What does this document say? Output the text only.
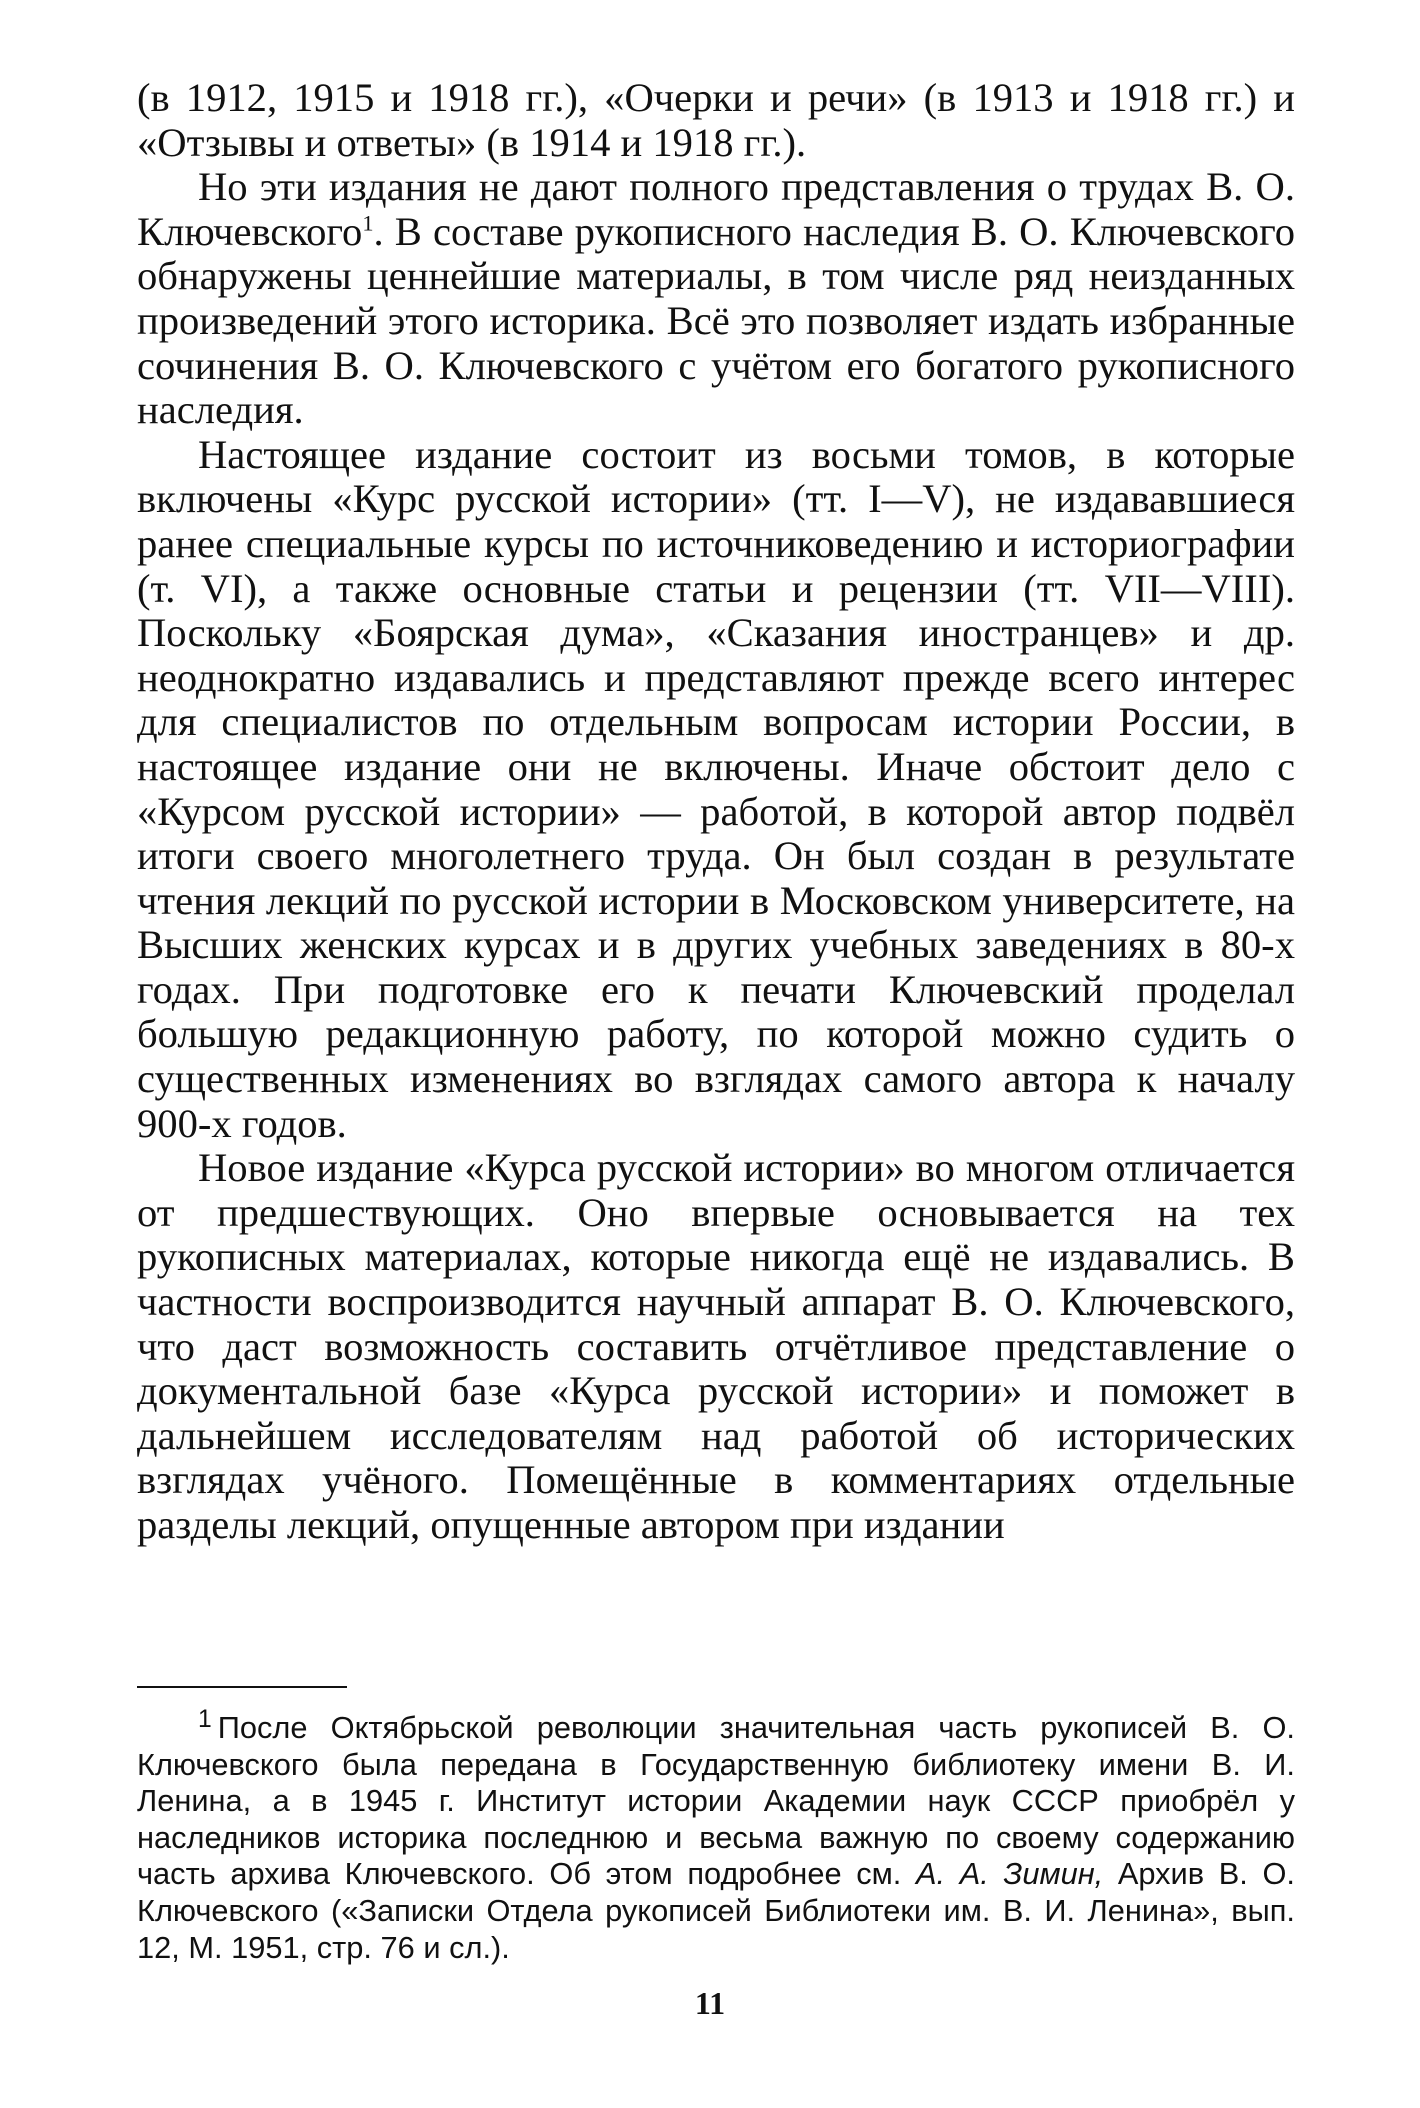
(в 1912, 1915 и 1918 гг.), «Очерки и речи» (в 1913 и 1918 гг.) и «Отзывы и ответы» (в 1914 и 1918 гг.).

Но эти издания не дают полного представления о трудах В. О. Ключевского$^1$. В составе рукописного наследия В. О. Ключевского обнаружены ценнейшие материалы, в том числе ряд неизданных произведений этого историка. Всё это позволяет издать избранные сочинения В. О. Ключевского с учётом его богатого рукописного наследия.

Настоящее издание состоит из восьми томов, в которые включены «Курс русской истории» (тт. I—V), не издававшиеся ранее специальные курсы по источниковедению и историографии (т. VI), а также основные статьи и рецензии (тт. VII—VIII). Поскольку «Боярская дума», «Сказания иностранцев» и др. неоднократно издавались и представляют прежде всего интерес для специалистов по отдельным вопросам истории России, в настоящее издание они не включены. Иначе обстоит дело с «Курсом русской истории» — работой, в которой автор подвёл итоги своего многолетнего труда. Он был создан в результате чтения лекций по русской истории в Московском университете, на Высших женских курсах и в других учебных заведениях в 80-х годах. При подготовке его к печати Ключевский проделал большую редакционную работу, по которой можно судить о существенных изменениях во взглядах самого автора к началу 900-х годов.

Новое издание «Курса русской истории» во многом отличается от предшествующих. Оно впервые основывается на тех рукописных материалах, которые никогда ещё не издавались. В частности воспроизводится научный аппарат В. О. Ключевского, что даст возможность составить отчётливое представление о документальной базе «Курса русской истории» и поможет в дальнейшем исследователям над работой об исторических взглядах учёного. Помещённые в комментариях отдельные разделы лекций, опущенные автором при издании

$^1$ После Октябрьской революции значительная часть рукописей В. О. Ключевского была передана в Государственную библиотеку имени В. И. Ленина, а в 1945 г. Институт истории Академии наук СССР приобрёл у наследников историка последнюю и весьма важную по своему содержанию часть архива Ключевского. Об этом подробнее см. А. А. Зимин, Архив В. О. Ключевского («Записки Отдела рукописей Библиотеки им. В. И. Ленина», вып. 12, М. 1951, стр. 76 и сл.).

11
